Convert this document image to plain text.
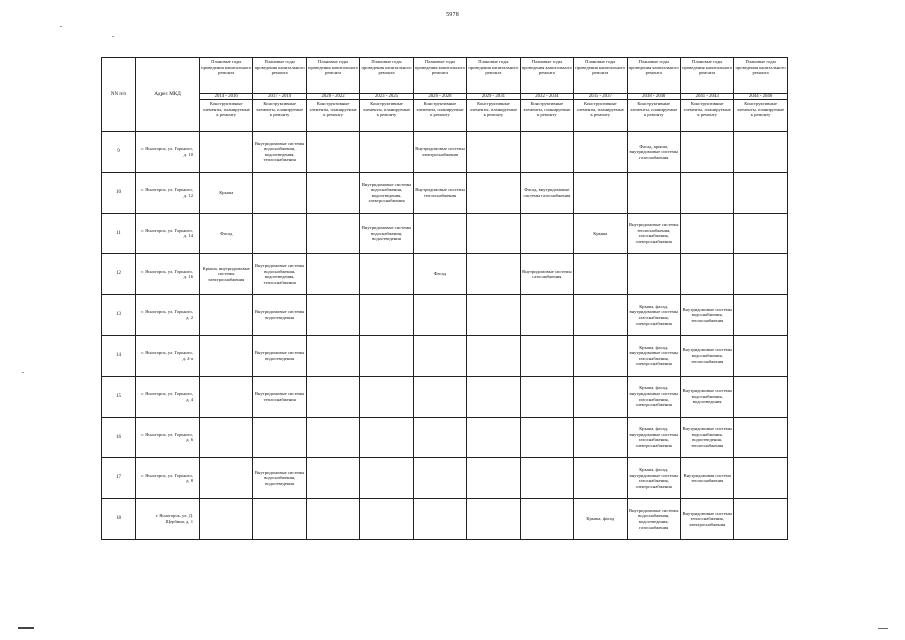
5978
NN п/п	Адрес МКД	Плановые годы проведения капитального ремонта	Плановые годы проведения капитального ремонта	Плановые годы проведения капитального ремонта	Плановые годы проведения капитального ремонта	Плановые годы проведения капитального ремонта	Плановые годы проведения капитального ремонта	Плановые годы проведения капитального ремонта	Плановые годы проведения капитального ремонта	Плановые годы проведения капитального ремонта	Плановые годы проведения капитального ремонта	Плановые годы проведения капитального ремонта
		2014 - 2016	2017 - 2019	2020 - 2022	2023 - 2025	2026 - 2028	2029 - 2031	2032 - 2034	2035 - 2037	2038 - 2040	2041 - 2043	2044 - 2046
		Конструктивные элементы, планируемые к ремонту	Конструктивные элементы, планируемые к ремонту	Конструктивные элементы, планируемые к ремонту	Конструктивные элементы, планируемые к ремонту	Конструктивные элементы, планируемые к ремонту	Конструктивные элементы, планируемые к ремонту	Конструктивные элементы, планируемые к ремонту	Конструктивные элементы, планируемые к ремонту	Конструктивные элементы, планируемые к ремонту	Конструктивные элементы, планируемые к ремонту	Конструктивные элементы, планируемые к ремонту
9	г. Ясногорск, ул. Горького, д. 10		Внутридомовые системы водоснабжения, водоотведения, теплоснабжения			Внутридомовые системы электроснабжения				Фасад, крыша, внутридомовые системы газоснабжения		
10	г. Ясногорск, ул. Горького, д. 12	Крыша			Внутридомовые системы водоснабжения, водоотведения, электроснабжения	Внутридомовые системы теплоснабжения		Фасад, внутридомовые системы газоснабжения				
11	г. Ясногорск, ул. Горького, д. 14	Фасад			Внутридомовые системы водоснабжения, водоотведения				Крыша	Внутридомовые системы теплоснабжения, газоснабжения, электроснабжения		
12	г. Ясногорск, ул. Горького, д. 16	Крыша, внутридомовые системы электроснабжения	Внутридомовые системы водоснабжения, водоотведения, теплоснабжения			Фасад		Внутридомовые системы газоснабжения				
13	г. Ясногорск, ул. Горького, д. 2		Внутридомовые системы водоотведения							Крыша, фасад, внутридомовые системы газоснабжения, электроснабжения	Внутридомовые системы водоснабжения, теплоснабжения	
14	г. Ясногорск, ул. Горького, д. 2-а		Внутридомовые системы водоотведения							Крыша, фасад, внутридомовые системы газоснабжения, электроснабжения	Внутридомовые системы водоснабжения, теплоснабжения	
15	г. Ясногорск, ул. Горького, д. 4		Внутридомовые системы теплоснабжения							Крыша, фасад, внутридомовые системы газоснабжения, электроснабжения	Внутридомовые системы водоснабжения, водоотведения	
16	г. Ясногорск, ул. Горького, д. 6									Крыша, фасад, внутридомовые системы газоснабжения, электроснабжения	Внутридомовые системы водоснабжения, водоотведения, теплоснабжения	
17	г. Ясногорск, ул. Горького, д. 8		Внутридомовые системы водоснабжения, водоотведения							Крыша, фасад, внутридомовые системы газоснабжения, электроснабжения	Внутридомовая система теплоснабжения	
18	г. Ясногорск, ул. Д. Щербина, д. 1								Крыша, фасад	Внутридомовые системы водоснабжения, водоотведения, газоснабжения	Внутридомовые системы теплоснабжения, электроснабжения	
